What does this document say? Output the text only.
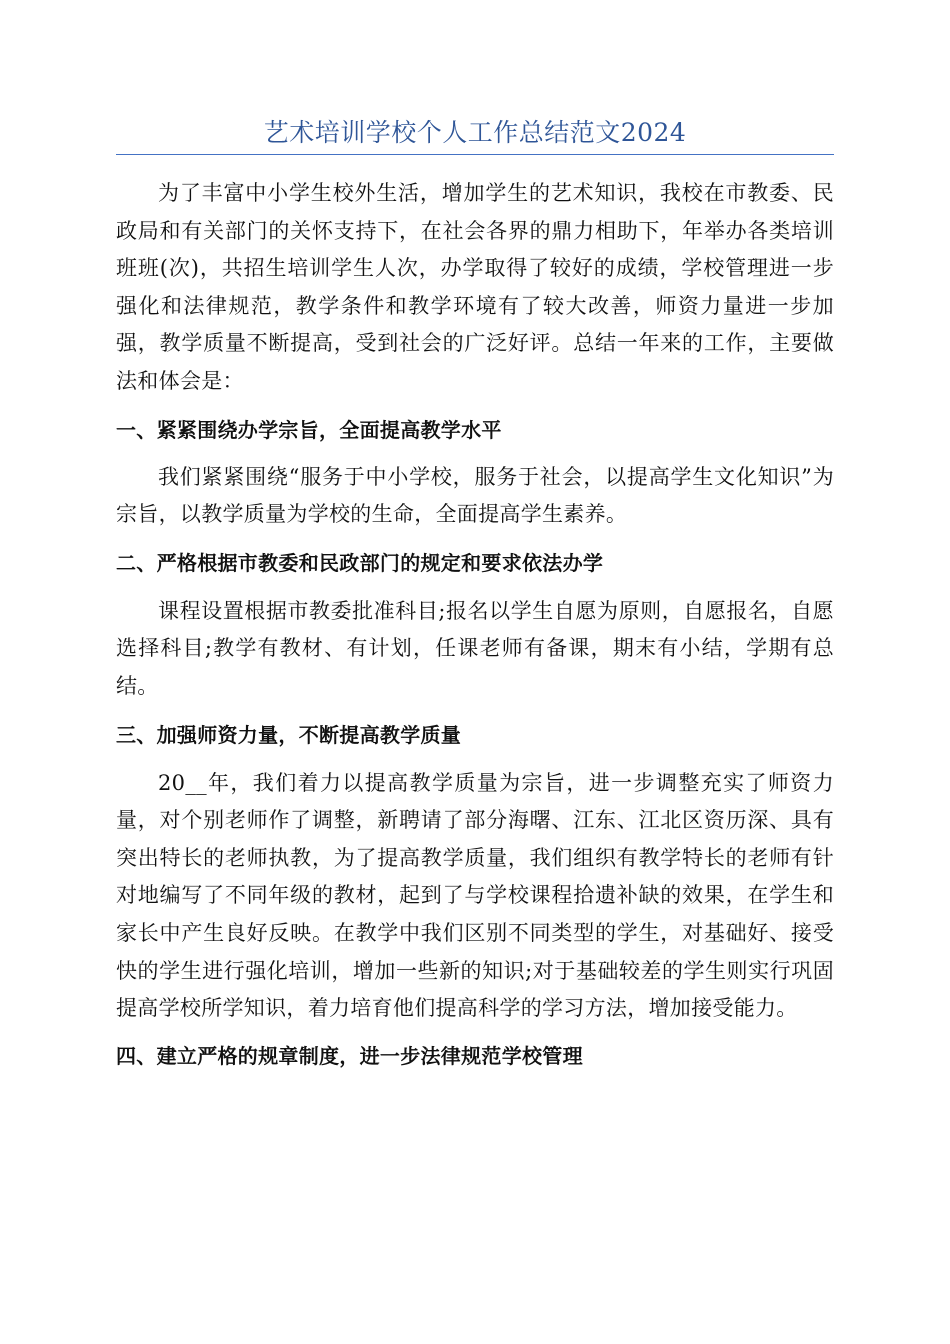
艺术培训学校个人工作总结范文2024

为了丰富中小学生校外生活，增加学生的艺术知识，我校在市教委、民政局和有关部门的关怀支持下，在社会各界的鼎力相助下，年举办各类培训班班(次)，共招生培训学生人次，办学取得了较好的成绩，学校管理进一步强化和法律规范，教学条件和教学环境有了较大改善，师资力量进一步加强，教学质量不断提高，受到社会的广泛好评。总结一年来的工作，主要做法和体会是：

一、紧紧围绕办学宗旨，全面提高教学水平

我们紧紧围绕“服务于中小学校，服务于社会，以提高学生文化知识”为宗旨，以教学质量为学校的生命，全面提高学生素养。

二、严格根据市教委和民政部门的规定和要求依法办学

课程设置根据市教委批准科目;报名以学生自愿为原则，自愿报名，自愿选择科目;教学有教材、有计划，任课老师有备课，期末有小结，学期有总结。

三、加强师资力量，不断提高教学质量

20__年，我们着力以提高教学质量为宗旨，进一步调整充实了师资力量，对个别老师作了调整，新聘请了部分海曙、江东、江北区资历深、具有突出特长的老师执教，为了提高教学质量，我们组织有教学特长的老师有针对地编写了不同年级的教材，起到了与学校课程拾遗补缺的效果，在学生和家长中产生良好反映。在教学中我们区别不同类型的学生，对基础好、接受快的学生进行强化培训，增加一些新的知识;对于基础较差的学生则实行巩固提高学校所学知识，着力培育他们提高科学的学习方法，增加接受能力。

四、建立严格的规章制度，进一步法律规范学校管理
